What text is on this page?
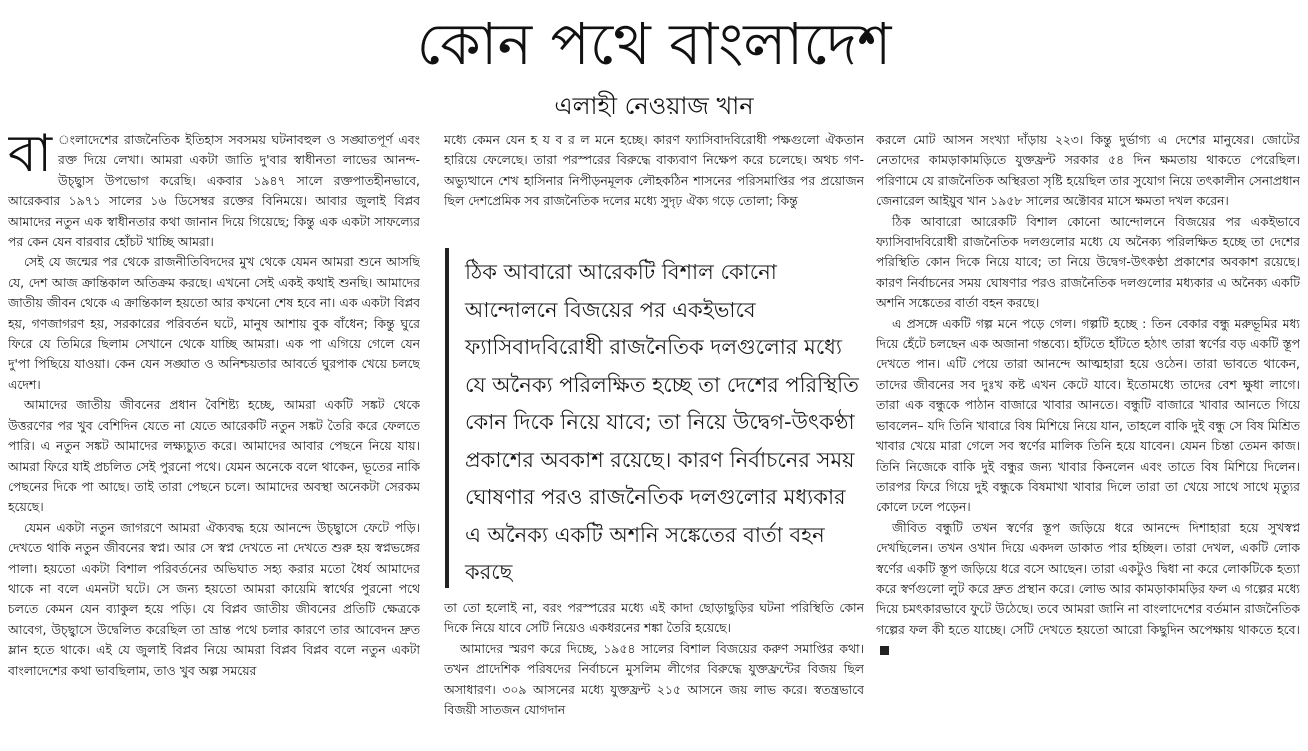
কোন পথে বাংলাদেশ
এলাহী নেওয়াজ খান

বা ংলাদেশের রাজনৈতিক ইতিহাস সবসময় ঘটনাবহুল ও সঙ্ঘাতপূর্ণ এবং রক্ত দিয়ে লেখা। আমরা একটা জাতি দু'বার স্বাধীনতা লাভের আনন্দ-উচ্ছ্বাস উপভোগ করেছি। একবার ১৯৪৭ সালে রক্তপাতহীনভাবে, আরেকবার ১৯৭১ সালের ১৬ ডিসেম্বর রক্তের বিনিময়ে। আবার জুলাই বিপ্লব আমাদের নতুন এক স্বাধীনতার কথা জানান দিয়ে গিয়েছে; কিন্তু এক একটা সাফল্যের পর কেন যেন বারবার হোঁচট খাচ্ছি আমরা।

সেই যে জন্মের পর থেকে রাজনীতিবিদদের মুখ থেকে যেমন আমরা শুনে আসছি যে, দেশ আজ ক্রান্তিকাল অতিক্রম করছে। এখনো সেই একই কথাই শুনছি। আমাদের জাতীয় জীবন থেকে এ ক্রান্তিকাল হয়তো আর কখনো শেষ হবে না। এক একটা বিপ্লব হয়, গণজাগরণ হয়, সরকারের পরিবর্তন ঘটে, মানুষ আশায় বুক বাঁধেন; কিন্তু ঘুরে ফিরে যে তিমিরে ছিলাম সেখানে থেকে যাচ্ছি আমরা। এক পা এগিয়ে গেলে যেন দু'পা পিছিয়ে যাওয়া। কেন যেন সঙ্ঘাত ও অনিশ্চয়তার আবর্তে ঘুরপাক খেয়ে চলছে এদেশ।

আমাদের জাতীয় জীবনের প্রধান বৈশিষ্ট্য হচ্ছে, আমরা একটি সঙ্কট থেকে উত্তরণের পর খুব বেশিদিন যেতে না যেতে আরেকটি নতুন সঙ্কট তৈরি করে ফেলতে পারি। এ নতুন সঙ্কট আমাদের লক্ষ্যচ্যুত করে। আমাদের আবার পেছনে নিয়ে যায়। আমরা ফিরে যাই প্রচলিত সেই পুরনো পথে। যেমন অনেকে বলে থাকেন, ভূতের নাকি পেছনের দিকে পা আছে। তাই তারা পেছনে চলে। আমাদের অবস্থা অনেকটা সেরকম হয়েছে।

যেমন একটা নতুন জাগরণে আমরা ঐক্যবদ্ধ হয়ে আনন্দে উচ্ছ্বাসে ফেটে পড়ি। দেখতে থাকি নতুন জীবনের স্বপ্ন। আর সে স্বপ্ন দেখতে না দেখতে শুরু হয় স্বপ্নভঙ্গের পালা। হয়তো একটা বিশাল পরিবর্তনের অভিঘাত সহ্য করার মতো ধৈর্য আমাদের থাকে না বলে এমনটা ঘটে। সে জন্য হয়তো আমরা কায়েমি স্বার্থের পুরনো পথে চলতে কেমন যেন ব্যাকুল হয়ে পড়ি। যে বিপ্লব জাতীয় জীবনের প্রতিটি ক্ষেত্রকে আবেগ, উচ্ছ্বাসে উদ্বেলিত করেছিল তা ভ্রান্ত পথে চলার কারণে তার আবেদন দ্রুত ম্লান হতে থাকে। এই যে জুলাই বিপ্লব নিয়ে আমরা বিপ্লব বিপ্লব বলে নতুন একটা বাংলাদেশের কথা ভাবছিলাম, তাও খুব অল্প সময়ের

মধ্যে কেমন যেন হ য ব র ল মনে হচ্ছে। কারণ ফ্যাসিবাদবিরোধী পক্ষগুলো ঐকতান হারিয়ে ফেলেছে। তারা পরস্পরের বিরুদ্ধে বাক্যবাণ নিক্ষেপ করে চলেছে। অথচ গণ-অভ্যুত্থানে শেখ হাসিনার নিপীড়নমূলক লৌহকঠিন শাসনের পরিসমাপ্তির পর প্রয়োজন ছিল দেশপ্রেমিক সব রাজনৈতিক দলের মধ্যে সুদৃঢ় ঐক্য গড়ে তোলা; কিন্তু

ঠিক আবারো আরেকটি বিশাল কোনো আন্দোলনে বিজয়ের পর একইভাবে ফ্যাসিবাদবিরোধী রাজনৈতিক দলগুলোর মধ্যে যে অনৈক্য পরিলক্ষিত হচ্ছে তা দেশের পরিস্থিতি কোন দিকে নিয়ে যাবে; তা নিয়ে উদ্বেগ-উৎকণ্ঠা প্রকাশের অবকাশ রয়েছে। কারণ নির্বাচনের সময় ঘোষণার পরও রাজনৈতিক দলগুলোর মধ্যকার এ অনৈক্য একটি অশনি সঙ্কেতের বার্তা বহন করছে

তা তো হলোই না, বরং পরস্পরের মধ্যে এই কাদা ছোড়াছুড়ির ঘটনা পরিস্থিতি কোন দিকে নিয়ে যাবে সেটি নিয়েও একধরনের শঙ্কা তৈরি হয়েছে।

আমাদের স্মরণ করে দিচ্ছে, ১৯৫৪ সালের বিশাল বিজয়ের করুণ সমাপ্তির কথা। তখন প্রাদেশিক পরিষদের নির্বাচনে মুসলিম লীগের বিরুদ্ধে যুক্তফ্রন্টের বিজয় ছিল অসাধারণ। ৩০৯ আসনের মধ্যে যুক্তফ্রন্ট ২১৫ আসনে জয় লাভ করে। স্বতন্ত্রভাবে বিজয়ী সাতজন যোগদান

করলে মোট আসন সংখ্যা দাঁড়ায় ২২৩। কিন্তু দুর্ভাগ্য এ দেশের মানুষের। জোটের নেতাদের কামড়াকামড়িতে যুক্তফ্রন্ট সরকার ৫৪ দিন ক্ষমতায় থাকতে পেরেছিল। পরিণামে যে রাজনৈতিক অস্থিরতা সৃষ্টি হয়েছিল তার সুযোগ নিয়ে তৎকালীন সেনাপ্রধান জেনারেল আইয়ুব খান ১৯৫৮ সালের অক্টোবর মাসে ক্ষমতা দখল করেন।

ঠিক আবারো আরেকটি বিশাল কোনো আন্দোলনে বিজয়ের পর একইভাবে ফ্যাসিবাদবিরোধী রাজনৈতিক দলগুলোর মধ্যে যে অনৈক্য পরিলক্ষিত হচ্ছে তা দেশের পরিস্থিতি কোন দিকে নিয়ে যাবে; তা নিয়ে উদ্বেগ-উৎকণ্ঠা প্রকাশের অবকাশ রয়েছে। কারণ নির্বাচনের সময় ঘোষণার পরও রাজনৈতিক দলগুলোর মধ্যকার এ অনৈক্য একটি অশনি সঙ্কেতের বার্তা বহন করছে।

এ প্রসঙ্গে একটি গল্প মনে পড়ে গেল। গল্পটি হচ্ছে : তিন বেকার বন্ধু মরুভূমির মধ্য দিয়ে হেঁটে চলছেন এক অজানা গন্তব্যে। হাঁটতে হাঁটতে হঠাৎ তারা স্বর্ণের বড় একটি স্তূপ দেখতে পান। এটি পেয়ে তারা আনন্দে আত্মহারা হয়ে ওঠেন। তারা ভাবতে থাকেন, তাদের জীবনের সব দুঃখ কষ্ট এখন কেটে যাবে। ইতোমধ্যে তাদের বেশ ক্ষুধা লাগে। তারা এক বন্ধুকে পাঠান বাজারে খাবার আনতে। বন্ধুটি বাজারে খাবার আনতে গিয়ে ভাবলেন– যদি তিনি খাবারে বিষ মিশিয়ে নিয়ে যান, তাহলে বাকি দুই বন্ধু সে বিষ মিশ্রিত খাবার খেয়ে মারা গেলে সব স্বর্ণের মালিক তিনি হয়ে যাবেন। যেমন চিন্তা তেমন কাজ। তিনি নিজেকে বাকি দুই বন্ধুর জন্য খাবার কিনলেন এবং তাতে বিষ মিশিয়ে দিলেন। তারপর ফিরে গিয়ে দুই বন্ধুকে বিষমাখা খাবার দিলে তারা তা খেয়ে সাথে সাথে মৃত্যুর কোলে ঢলে পড়েন।

জীবিত বন্ধুটি তখন স্বর্ণের স্তূপ জড়িয়ে ধরে আনন্দে দিশাহারা হয়ে সুখস্বপ্ন দেখছিলেন। তখন ওখান দিয়ে একদল ডাকাত পার হচ্ছিল। তারা দেখল, একটি লোক স্বর্ণের একটি স্তূপ জড়িয়ে ধরে বসে আছেন। তারা একটুও দ্বিধা না করে লোকটিকে হত্যা করে স্বর্ণগুলো লুট করে দ্রুত প্রস্থান করে। লোভ আর কামড়াকামড়ির ফল এ গল্পের মধ্যে দিয়ে চমৎকারভাবে ফুটে উঠেছে। তবে আমরা জানি না বাংলাদেশের বর্তমান রাজনৈতিক গল্পের ফল কী হতে যাচ্ছে। সেটি দেখতে হয়তো আরো কিছুদিন অপেক্ষায় থাকতে হবে।
